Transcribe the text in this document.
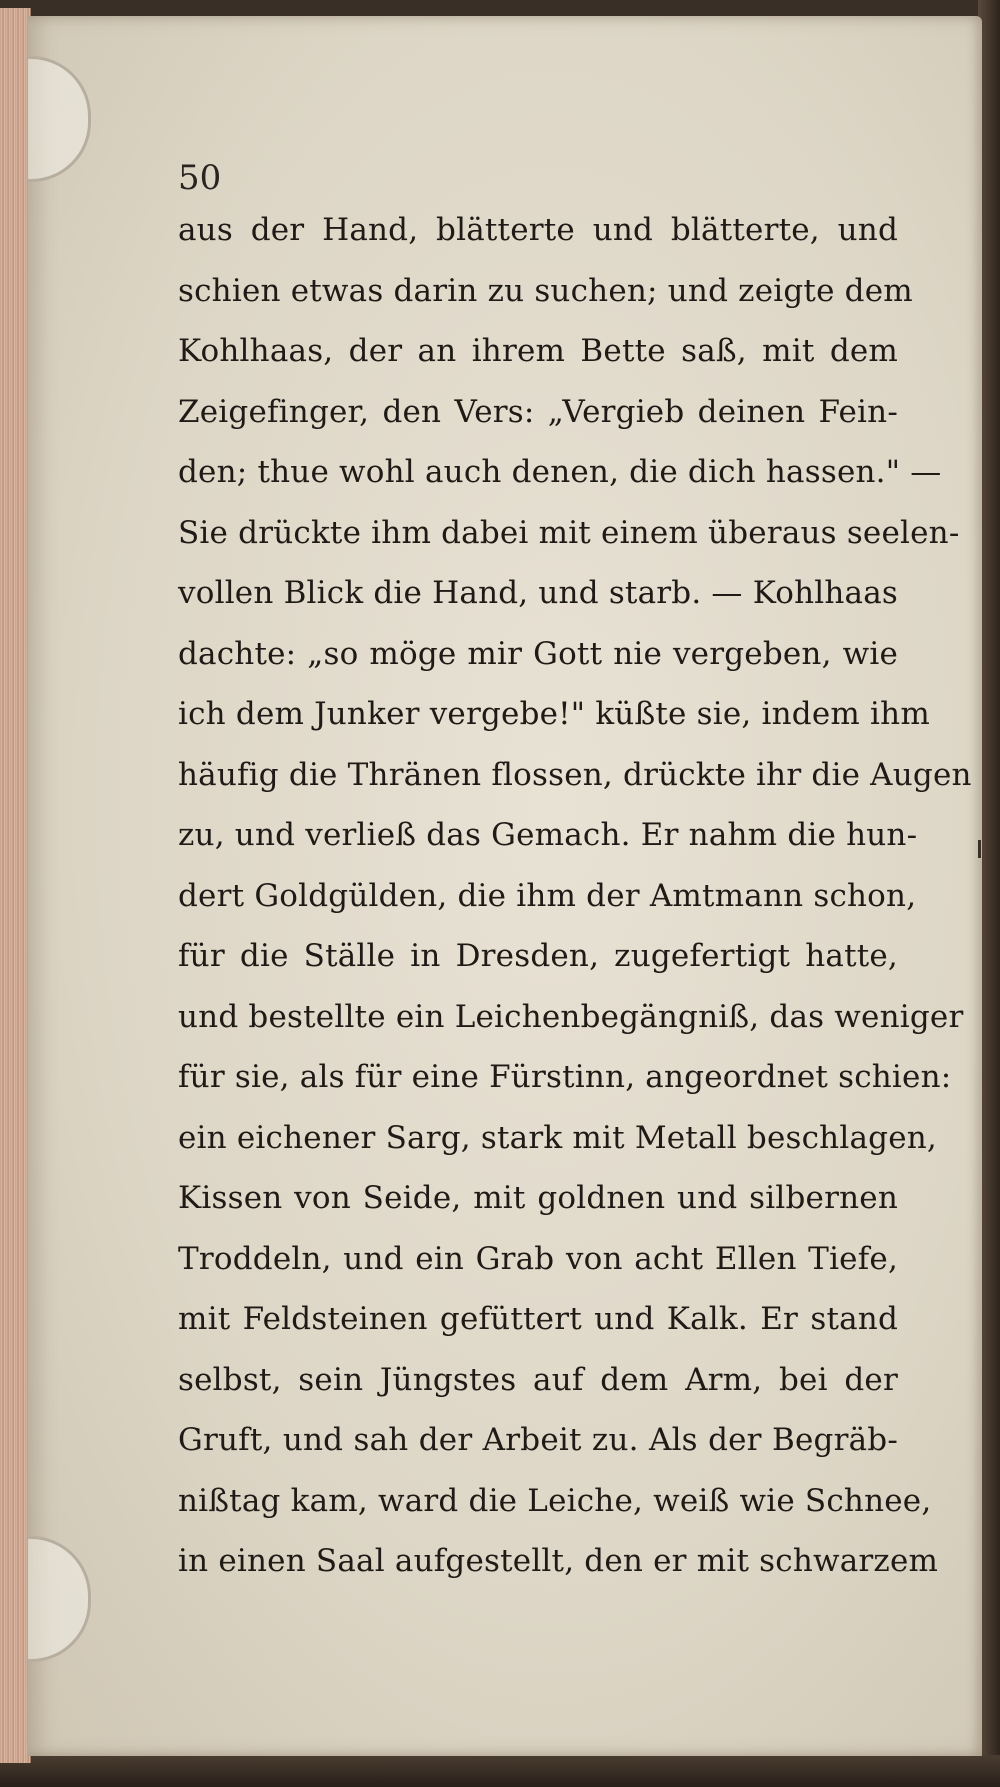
50
aus der Hand, blätterte und blätterte, und
schien etwas darin zu suchen; und zeigte dem
Kohlhaas, der an ihrem Bette saß, mit dem
Zeigefinger, den Vers: „Vergieb deinen Fein-
den; thue wohl auch denen, die dich hassen." —
Sie drückte ihm dabei mit einem überaus seelen-
vollen Blick die Hand, und starb. — Kohlhaas
dachte: „so möge mir Gott nie vergeben, wie
ich dem Junker vergebe!" küßte sie, indem ihm
häufig die Thränen flossen, drückte ihr die Augen
zu, und verließ das Gemach. Er nahm die hun-
dert Goldgülden, die ihm der Amtmann schon,
für die Ställe in Dresden, zugefertigt hatte,
und bestellte ein Leichenbegängniß, das weniger
für sie, als für eine Fürstinn, angeordnet schien:
ein eichener Sarg, stark mit Metall beschlagen,
Kissen von Seide, mit goldnen und silbernen
Troddeln, und ein Grab von acht Ellen Tiefe,
mit Feldsteinen gefüttert und Kalk. Er stand
selbst, sein Jüngstes auf dem Arm, bei der
Gruft, und sah der Arbeit zu. Als der Begräb-
nißtag kam, ward die Leiche, weiß wie Schnee,
in einen Saal aufgestellt, den er mit schwarzem
